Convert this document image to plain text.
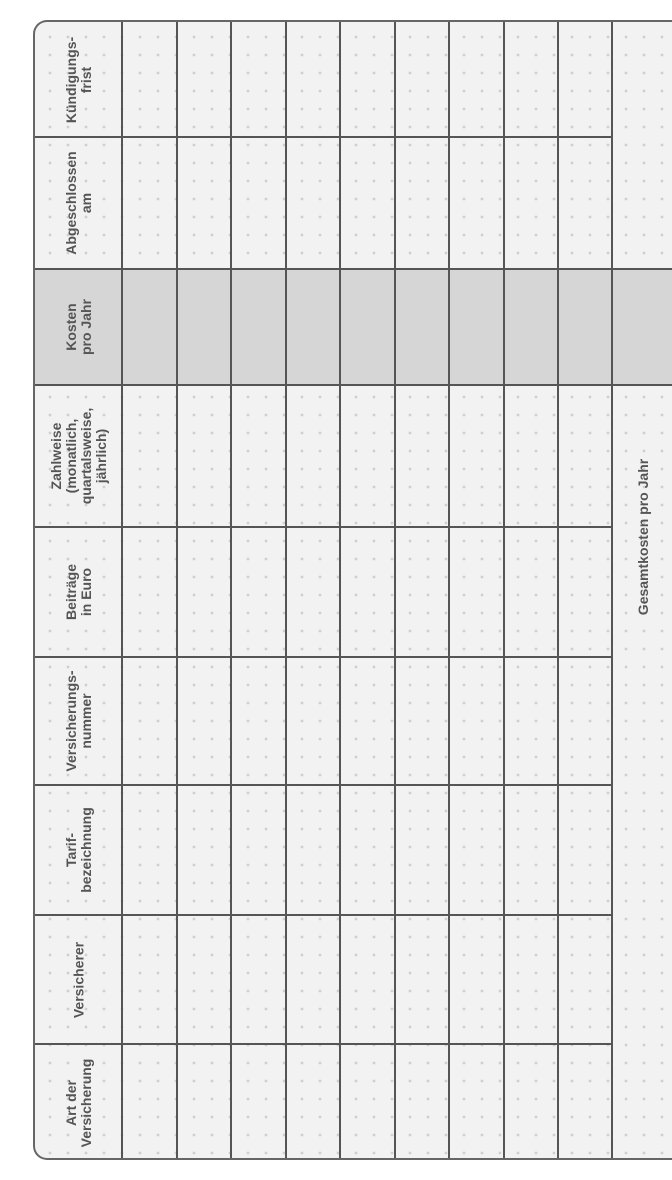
Kündigungs-
frist
Abgeschlossen
am
Kosten
pro Jahr
Zahlweise
(monatlich,
quartalsweise,
jährlich)
Beiträge
in Euro
Versicherungs-
nummer
Tarif-
bezeichnung
Versicherer
Art der
Versicherung
Gesamtkosten pro Jahr
